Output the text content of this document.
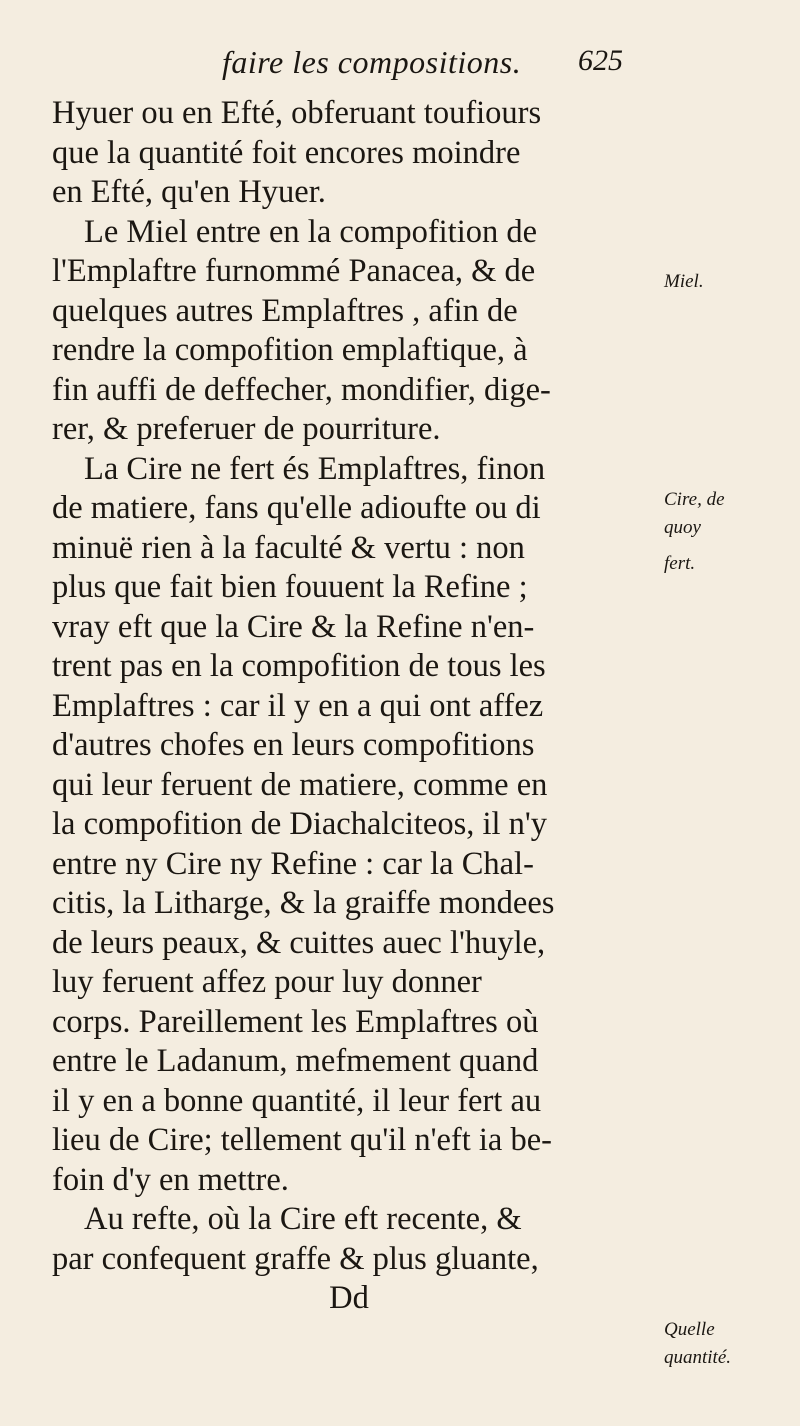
faire les compositions. 625
Hyuer ou en Efté, obferuant toufiours
que la quantité foit encores moindre
en Efté, qu'en Hyuer.
Le Miel entre en la compofition de
l'Emplaftre furnommé Panacea, & de
quelques autres Emplaftres , afin de
rendre la compofition emplaftique, à
fin auffi de deffecher, mondifier, dige-
rer, & preferuer de pourriture.
La Cire ne fert és Emplaftres, finon
de matiere, fans qu'elle adioufte ou di
minuë rien à la faculté & vertu : non
plus que fait bien fouuent la Refine ;
vray eft que la Cire & la Refine n'en-
trent pas en la compofition de tous les
Emplaftres : car il y en a qui ont affez
d'autres chofes en leurs compofitions
qui leur feruent de matiere, comme en
la compofition de Diachalciteos, il n'y
entre ny Cire ny Refine : car la Chal-
citis, la Litharge, & la graiffe mondees
de leurs peaux, & cuittes auec l'huyle,
luy feruent affez pour luy donner
corps. Pareillement les Emplaftres où
entre le Ladanum, mefmement quand
il y en a bonne quantité, il leur fert au
lieu de Cire; tellement qu'il n'eft ia be-
foin d'y en mettre.
Au refte, où la Cire eft recente, &
par confequent graffe & plus gluante,
Dd
Miel.
Cire, de
quoy
fert.
Quelle
quantité.
